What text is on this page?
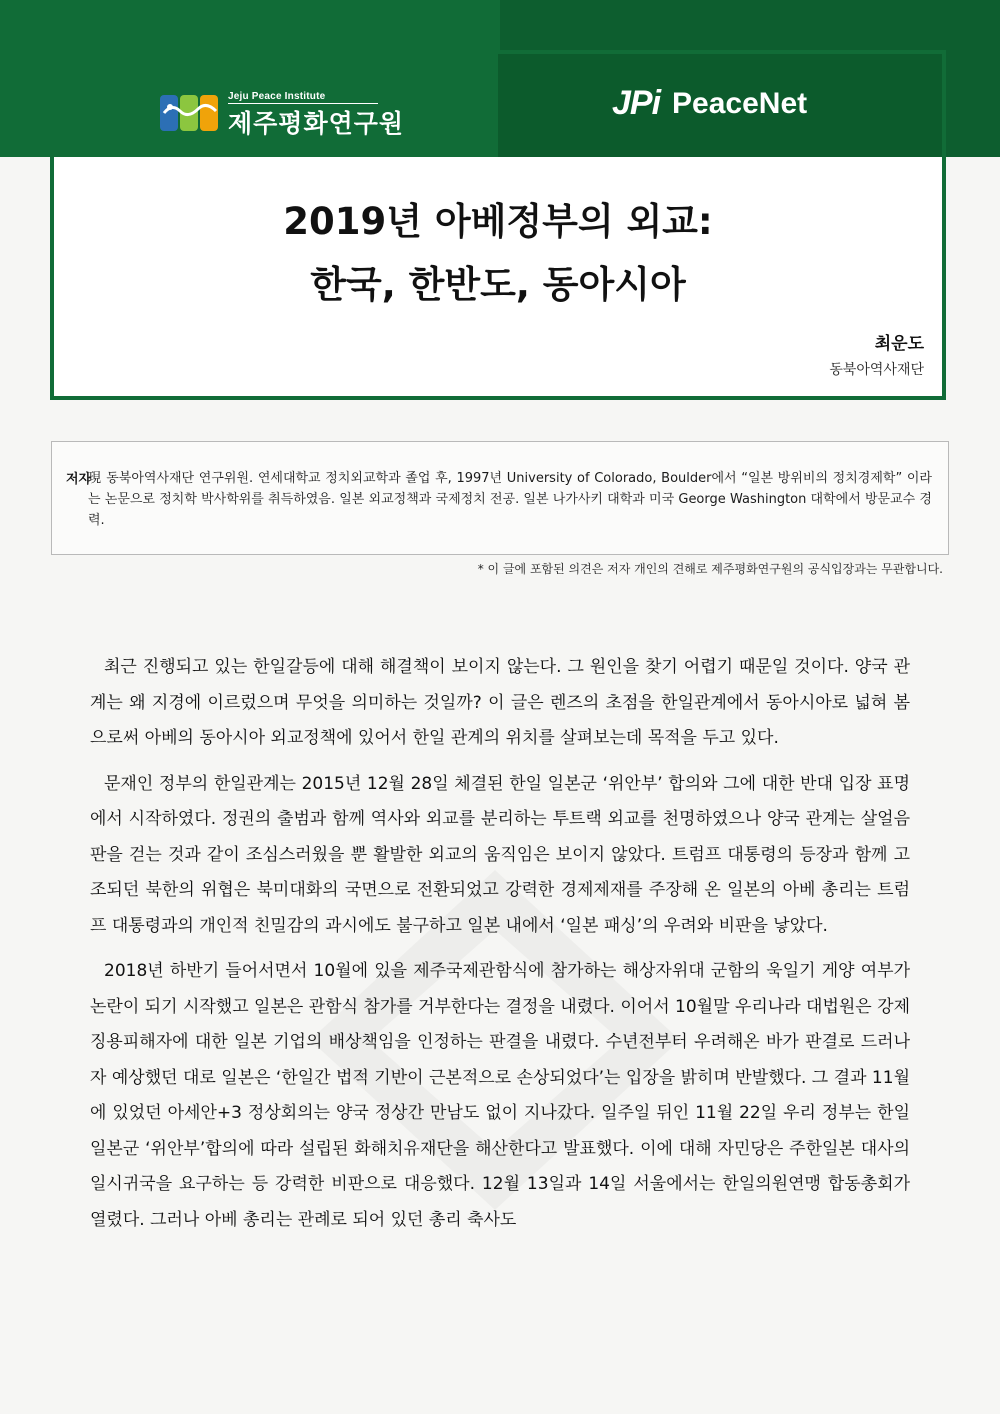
Jeju Peace Institute
제주평화연구원
JPi PeaceNet
2019년 아베정부의 외교:
한국, 한반도, 동아시아
최운도
동북아역사재단
저자
現 동북아역사재단 연구위원. 연세대학교 정치외교학과 졸업 후, 1997년 University of Colorado, Boulder에서 “일본 방위비의 정치경제학” 이라는 논문으로 정치학 박사학위를 취득하였음. 일본 외교정책과 국제정치 전공. 일본 나가사키 대학과 미국 George Washington 대학에서 방문교수 경력.
* 이 글에 포함된 의견은 저자 개인의 견해로 제주평화연구원의 공식입장과는 무관합니다.

최근 진행되고 있는 한일갈등에 대해 해결책이 보이지 않는다. 그 원인을 찾기 어렵기 때문일 것이다. 양국 관계는 왜 지경에 이르렀으며 무엇을 의미하는 것일까? 이 글은 렌즈의 초점을 한일관계에서 동아시아로 넓혀 봄으로써 아베의 동아시아 외교정책에 있어서 한일 관계의 위치를 살펴보는데 목적을 두고 있다.

문재인 정부의 한일관계는 2015년 12월 28일 체결된 한일 일본군 ‘위안부’ 합의와 그에 대한 반대 입장 표명에서 시작하였다. 정권의 출범과 함께 역사와 외교를 분리하는 투트랙 외교를 천명하였으나 양국 관계는 살얼음판을 걷는 것과 같이 조심스러웠을 뿐 활발한 외교의 움직임은 보이지 않았다. 트럼프 대통령의 등장과 함께 고조되던 북한의 위협은 북미대화의 국면으로 전환되었고 강력한 경제제재를 주장해 온 일본의 아베 총리는 트럼프 대통령과의 개인적 친밀감의 과시에도 불구하고 일본 내에서 ‘일본 패싱’의 우려와 비판을 낳았다.

2018년 하반기 들어서면서 10월에 있을 제주국제관함식에 참가하는 해상자위대 군함의 욱일기 게양 여부가 논란이 되기 시작했고 일본은 관함식 참가를 거부한다는 결정을 내렸다. 이어서 10월말 우리나라 대법원은 강제징용피해자에 대한 일본 기업의 배상책임을 인정하는 판결을 내렸다. 수년전부터 우려해온 바가 판결로 드러나자 예상했던 대로 일본은 ‘한일간 법적 기반이 근본적으로 손상되었다’는 입장을 밝히며 반발했다. 그 결과 11월에 있었던 아세안+3 정상회의는 양국 정상간 만남도 없이 지나갔다. 일주일 뒤인 11월 22일 우리 정부는 한일 일본군 ‘위안부’합의에 따라 설립된 화해치유재단을 해산한다고 발표했다. 이에 대해 자민당은 주한일본 대사의 일시귀국을 요구하는 등 강력한 비판으로 대응했다. 12월 13일과 14일 서울에서는 한일의원연맹 합동총회가 열렸다. 그러나 아베 총리는 관례로 되어 있던 총리 축사도
